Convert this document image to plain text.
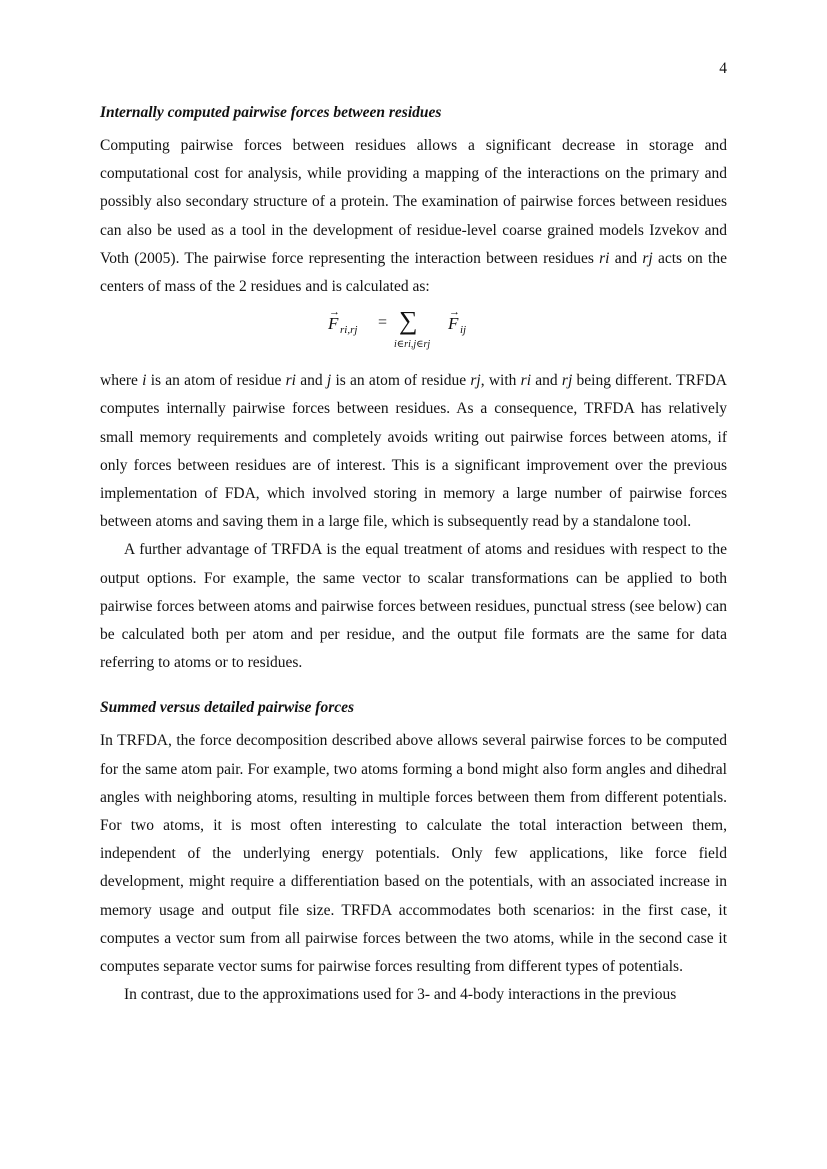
4
Internally computed pairwise forces between residues

Computing pairwise forces between residues allows a significant decrease in storage and computational cost for analysis, while providing a mapping of the interactions on the primary and possibly also secondary structure of a protein. The examination of pairwise forces between residues can also be used as a tool in the development of residue-level coarse grained models Izvekov and Voth (2005). The pairwise force representing the interaction between residues ri and rj acts on the centers of mass of the 2 residues and is calculated as:

→
F ri,rj = ∑
i∈ri,j∈rj
→
F ij

where i is an atom of residue ri and j is an atom of residue rj, with ri and rj being different. TRFDA computes internally pairwise forces between residues. As a consequence, TRFDA has relatively small memory requirements and completely avoids writing out pairwise forces between atoms, if only forces between residues are of interest. This is a significant improvement over the previous implementation of FDA, which involved storing in memory a large number of pairwise forces between atoms and saving them in a large file, which is subsequently read by a standalone tool.

A further advantage of TRFDA is the equal treatment of atoms and residues with respect to the output options. For example, the same vector to scalar transformations can be applied to both pairwise forces between atoms and pairwise forces between residues, punctual stress (see below) can be calculated both per atom and per residue, and the output file formats are the same for data referring to atoms or to residues.

Summed versus detailed pairwise forces

In TRFDA, the force decomposition described above allows several pairwise forces to be computed for the same atom pair. For example, two atoms forming a bond might also form angles and dihedral angles with neighboring atoms, resulting in multiple forces between them from different potentials. For two atoms, it is most often interesting to calculate the total interaction between them, independent of the underlying energy potentials. Only few applications, like force field development, might require a differentiation based on the potentials, with an associated increase in memory usage and output file size. TRFDA accommodates both scenarios: in the first case, it computes a vector sum from all pairwise forces between the two atoms, while in the second case it computes separate vector sums for pairwise forces resulting from different types of potentials.

In contrast, due to the approximations used for 3- and 4-body interactions in the previous
